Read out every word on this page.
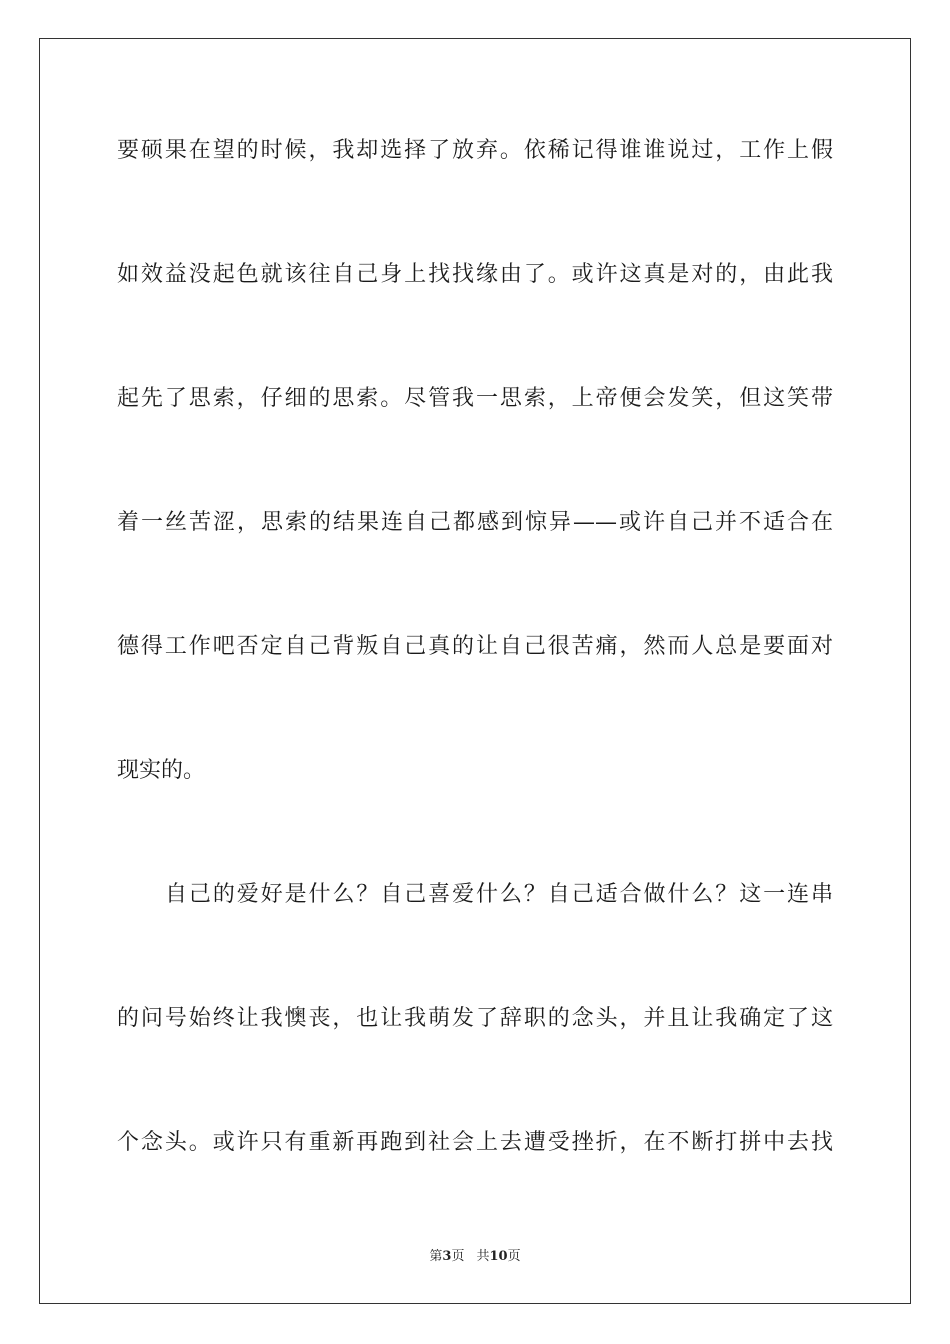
要硕果在望的时候，我却选择了放弃。依稀记得谁谁说过，工作上假
如效益没起色就该往自己身上找找缘由了。或许这真是对的，由此我
起先了思索，仔细的思索。尽管我一思索，上帝便会发笑，但这笑带
着一丝苦涩，思索的结果连自己都感到惊异——或许自己并不适合在
德得工作吧否定自己背叛自己真的让自己很苦痛，然而人总是要面对
现实的。
自己的爱好是什么？自己喜爱什么？自己适合做什么？这一连串
的问号始终让我懊丧，也让我萌发了辞职的念头，并且让我确定了这
个念头。或许只有重新再跑到社会上去遭受挫折，在不断打拼中去找
第3页 共10页
